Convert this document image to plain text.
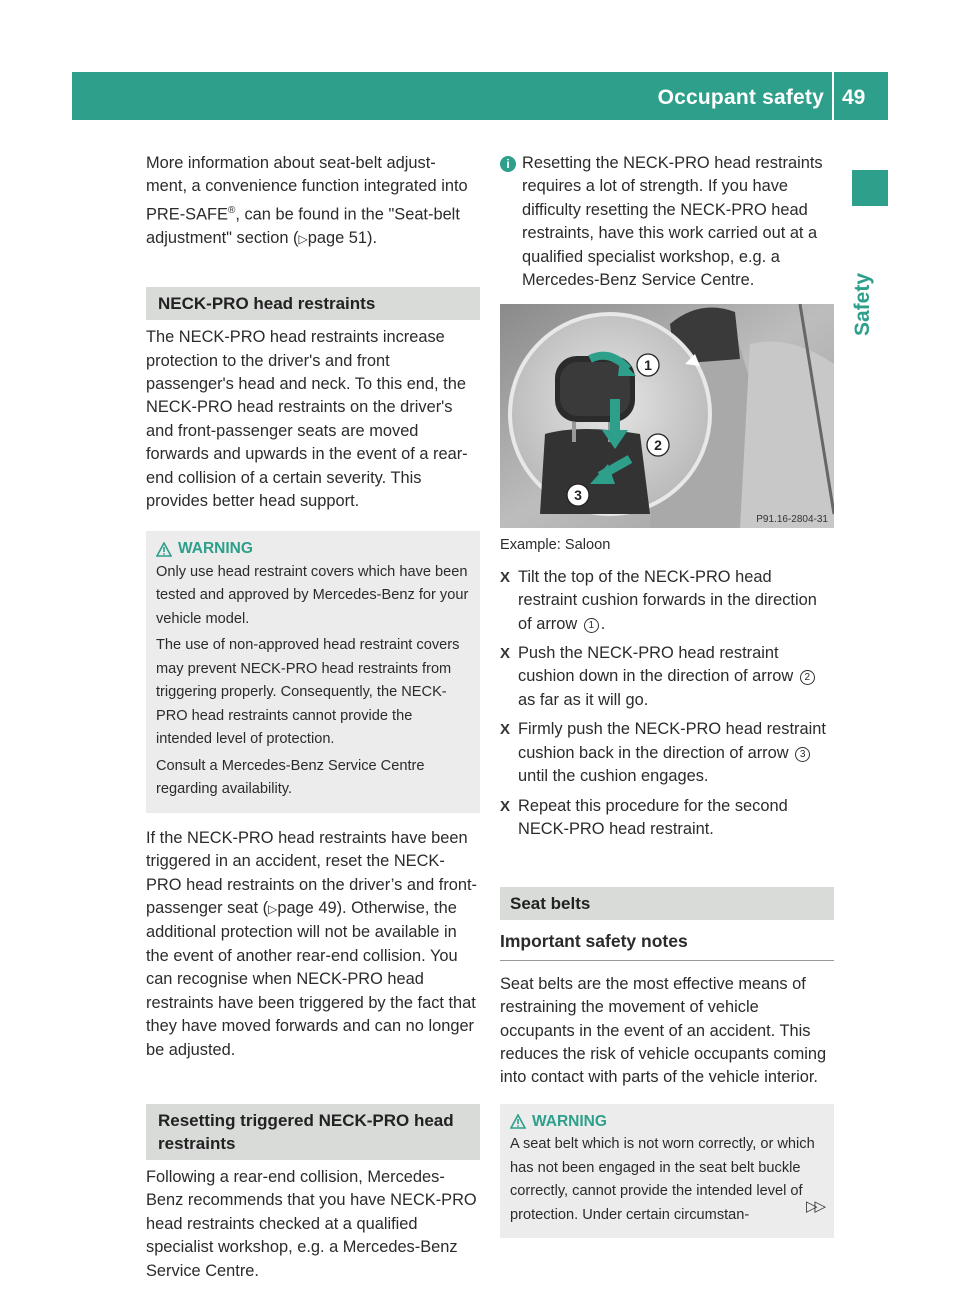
Occupant safety 49
Safety

More information about seat-belt adjust-
ment, a convenience function integrated into
PRE-SAFE®, can be found in the "Seat-belt
adjustment" section (▷page 51).

NECK-PRO head restraints

The NECK-PRO head restraints increase protection to the driver's and front passenger's head and neck. To this end, the NECK-PRO head restraints on the driver's and front-passenger seats are moved forwards and upwards in the event of a rear-end collision of a certain severity. This provides better head support.

WARNING

Only use head restraint covers which have been tested and approved by Mercedes-Benz for your vehicle model.

The use of non-approved head restraint covers may prevent NECK-PRO head restraints from triggering properly. Consequently, the NECK-PRO head restraints cannot provide the intended level of protection.

Consult a Mercedes-Benz Service Centre regarding availability.

If the NECK-PRO head restraints have been triggered in an accident, reset the NECK-PRO head restraints on the driver’s and front-passenger seat (▷page 49). Otherwise, the additional protection will not be available in the event of another rear-end collision. You can recognise when NECK-PRO head restraints have been triggered by the fact that they have moved forwards and can no longer be adjusted.

Resetting triggered NECK-PRO head restraints

Following a rear-end collision, Mercedes-Benz recommends that you have NECK-PRO head restraints checked at a qualified specialist workshop, e.g. a Mercedes-Benz Service Centre.

i Resetting the NECK-PRO head restraints requires a lot of strength. If you have difficulty resetting the NECK-PRO head restraints, have this work carried out at a qualified specialist workshop, e.g. a Mercedes-Benz Service Centre.

1
2
3
P91.16-2804-31

Example: Saloon

X Tilt the top of the NECK-PRO head restraint cushion forwards in the direction of arrow 1 .
X Push the NECK-PRO head restraint cushion down in the direction of arrow 2 as far as it will go.
X Firmly push the NECK-PRO head restraint cushion back in the direction of arrow 3 until the cushion engages.
X Repeat this procedure for the second NECK-PRO head restraint.
Seat belts
Important safety notes

Seat belts are the most effective means of restraining the movement of vehicle occupants in the event of an accident. This reduces the risk of vehicle occupants coming into contact with parts of the vehicle interior.

WARNING

A seat belt which is not worn correctly, or which has not been engaged in the seat belt buckle correctly, cannot provide the intended level of protection. Under certain circumstan-	▷▷
